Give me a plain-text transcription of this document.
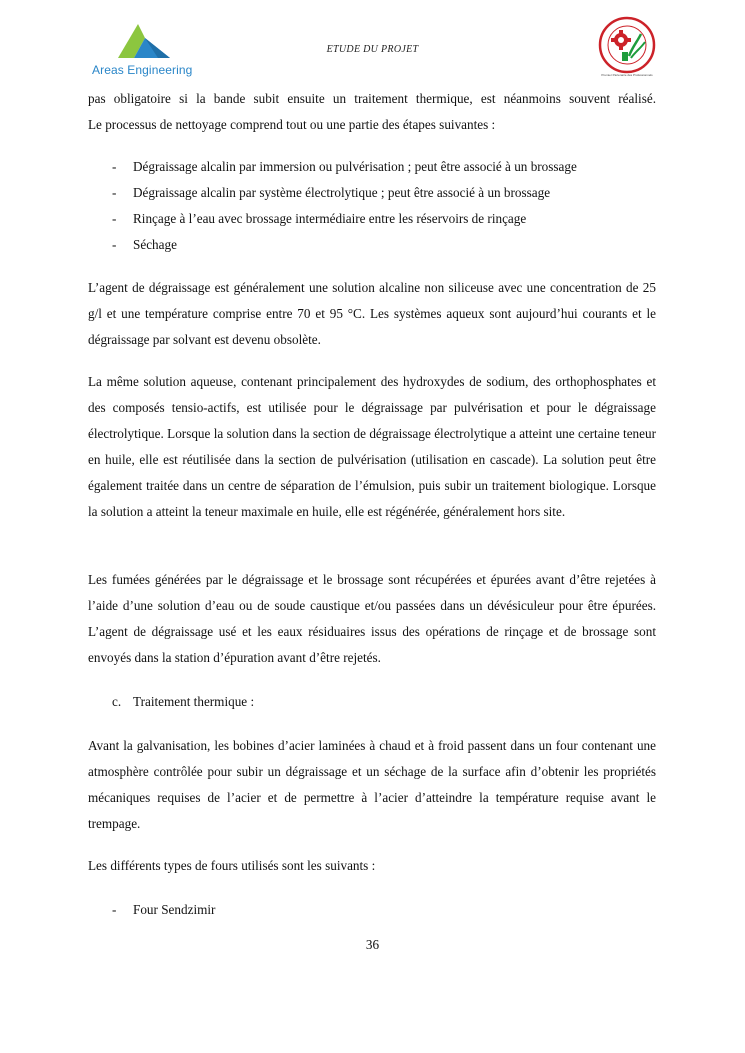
Areas Engineering
ETUDE DU PROJET
Premier Partenaire des Professionnels

pas obligatoire si la bande subit ensuite un traitement thermique, est néanmoins souvent réalisé.

Le processus de nettoyage comprend tout ou une partie des étapes suivantes :

- Dégraissage alcalin par immersion ou pulvérisation ; peut être associé à un brossage
- Dégraissage alcalin par système électrolytique ; peut être associé à un brossage
- Rinçage à l’eau avec brossage intermédiaire entre les réservoirs de rinçage
- Séchage

L’agent de dégraissage est généralement une solution alcaline non siliceuse avec une concentration de 25 g/l et une température comprise entre 70 et 95 °C. Les systèmes aqueux sont aujourd’hui courants et le dégraissage par solvant est devenu obsolète.

La même solution aqueuse, contenant principalement des hydroxydes de sodium, des orthophosphates et des composés tensio-actifs, est utilisée pour le dégraissage par pulvérisation et pour le dégraissage électrolytique. Lorsque la solution dans la section de dégraissage électrolytique a atteint une certaine teneur en huile, elle est réutilisée dans la section de pulvérisation (utilisation en cascade). La solution peut être également traitée dans un centre de séparation de l’émulsion, puis subir un traitement biologique. Lorsque la solution a atteint la teneur maximale en huile, elle est régénérée, généralement hors site.

Les fumées générées par le dégraissage et le brossage sont récupérées et épurées avant d’être rejetées à l’aide d’une solution d’eau ou de soude caustique et/ou passées dans un dévésiculeur pour être épurées. L’agent de dégraissage usé et les eaux résiduaires issus des opérations de rinçage et de brossage sont envoyés dans la station d’épuration avant d’être rejetés.

c. Traitement thermique :

Avant la galvanisation, les bobines d’acier laminées à chaud et à froid passent dans un four contenant une atmosphère contrôlée pour subir un dégraissage et un séchage de la surface afin d’obtenir les propriétés mécaniques requises de l’acier et de permettre à l’acier d’atteindre la température requise avant le trempage.

Les différents types de fours utilisés sont les suivants :

- Four Sendzimir
36
